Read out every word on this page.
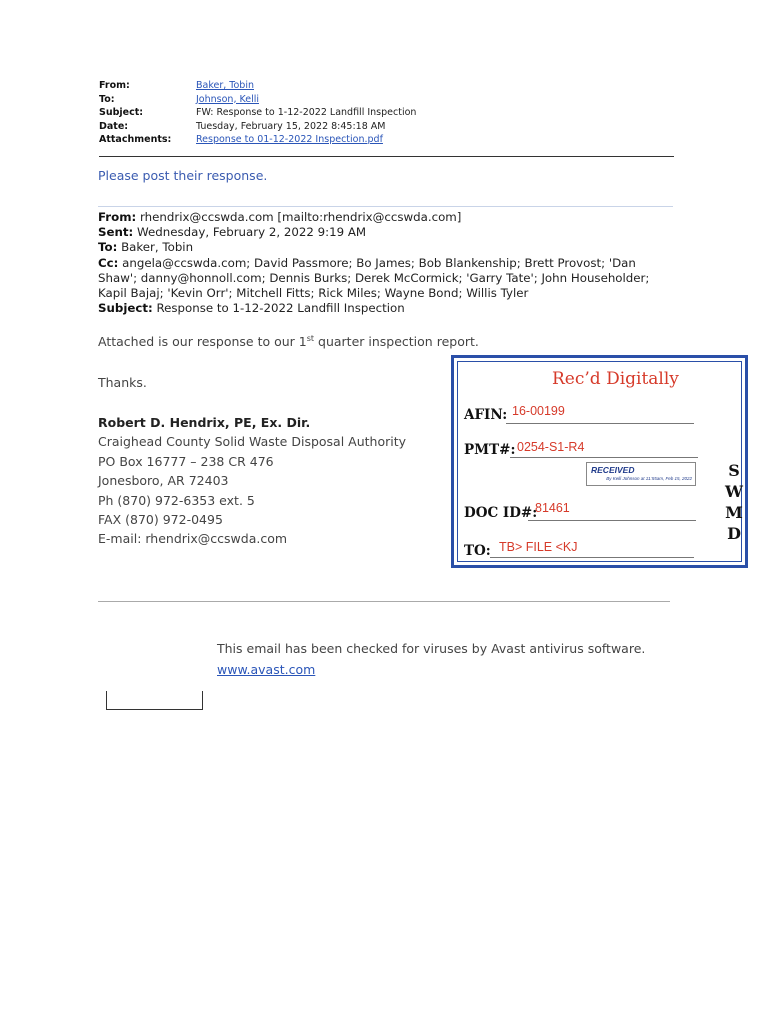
From:	Baker, Tobin
To:	Johnson, Kelli
Subject:	FW: Response to 1-12-2022 Landfill Inspection
Date:	Tuesday, February 15, 2022 8:45:18 AM
Attachments:	Response to 01-12-2022 Inspection.pdf
Please post their response.
From: rhendrix@ccswda.com [mailto:rhendrix@ccswda.com]
Sent: Wednesday, February 2, 2022 9:19 AM
To: Baker, Tobin
Cc: angela@ccswda.com; David Passmore; Bo James; Bob Blankenship; Brett Provost; 'Dan Shaw'; danny@honnoll.com; Dennis Burks; Derek McCormick; 'Garry Tate'; John Householder; Kapil Bajaj; 'Kevin Orr'; Mitchell Fitts; Rick Miles; Wayne Bond; Willis Tyler
Subject: Response to 1-12-2022 Landfill Inspection
Attached is our response to our 1st quarter inspection report.
Thanks.
Robert D. Hendrix, PE, Ex. Dir.
Craighead County Solid Waste Disposal Authority
PO Box 16777 – 238 CR 476
Jonesboro, AR 72403
Ph (870) 972-6353 ext. 5
FAX (870) 972-0495
E-mail: rhendrix@ccswda.com
Rec’d Digitally
AFIN: 16-00199
PMT#: 0254-S1-R4
RECEIVED
By Kelli Johnson at 11:55am, Feb 15, 2022
DOC ID#:
81461
TO: TB> FILE <KJ
S
W
M
D
This email has been checked for viruses by Avast antivirus software.
www.avast.com
